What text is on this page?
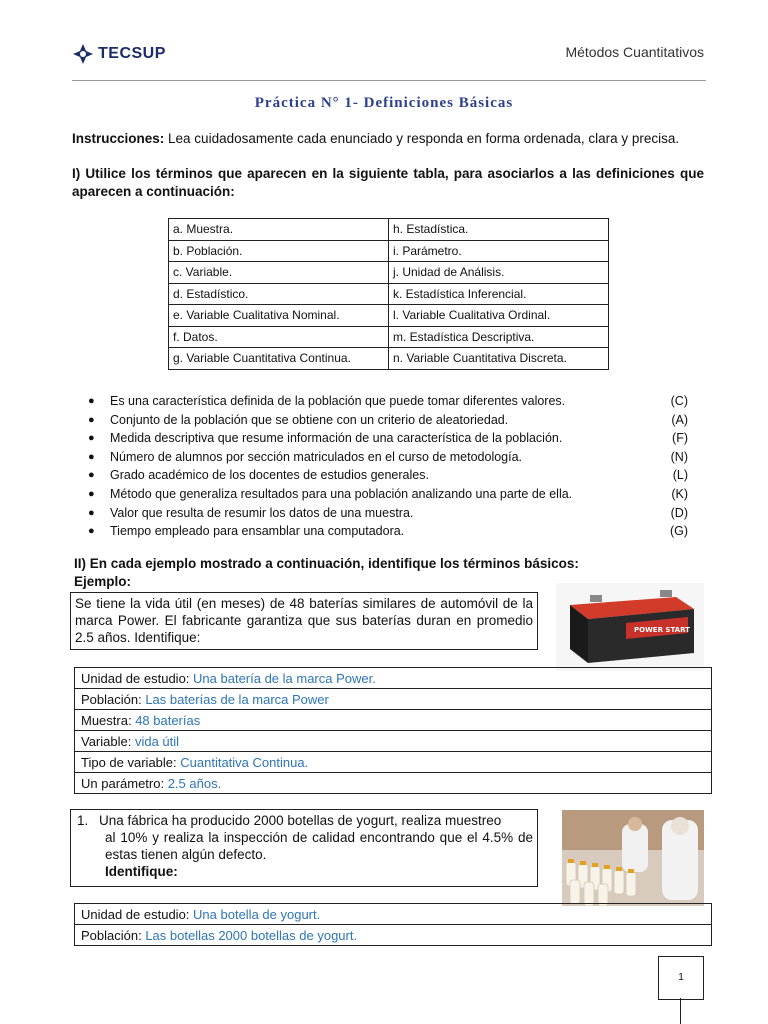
TECSUP	Métodos Cuantitativos
Práctica N° 1- Definiciones Básicas
Instrucciones: Lea cuidadosamente cada enunciado y responda en forma ordenada, clara y precisa.
I) Utilice los términos que aparecen en la siguiente tabla, para asociarlos a las definiciones que aparecen a continuación:
a. Muestra.	h. Estadística.
b. Población.	i. Parámetro.
c. Variable.	j. Unidad de Análisis.
d. Estadístico.	k. Estadística Inferencial.
e. Variable Cualitativa Nominal.	l. Variable Cualitativa Ordinal.
f. Datos.	m. Estadística Descriptiva.
g. Variable Cuantitativa Continua.	n. Variable Cuantitativa Discreta.
● Es una característica definida de la población que puede tomar diferentes valores.	(C)
● Conjunto de la población que se obtiene con un criterio de aleatoriedad.	(A)
● Medida descriptiva que resume información de una característica de la población.	(F)
● Número de alumnos por sección matriculados en el curso de metodología.	(N)
● Grado académico de los docentes de estudios generales.	(L)
● Método que generaliza resultados para una población analizando una parte de ella.	(K)
● Valor que resulta de resumir los datos de una muestra.	(D)
● Tiempo empleado para ensamblar una computadora.	(G)
II) En cada ejemplo mostrado a continuación, identifique los términos básicos:
Ejemplo:
Se tiene la vida útil (en meses) de 48 baterías similares de automóvil de la marca Power. El fabricante garantiza que sus baterías duran en promedio 2.5 años. Identifique:	POWER START
Unidad de estudio: Una batería de la marca Power.
Población: Las baterías de la marca Power
Muestra: 48 baterías
Variable: vida útil
Tipo de variable: Cuantitativa Continua.
Un parámetro: 2.5 años.
1. Una fábrica ha producido 2000 botellas de yogurt, realiza muestreo
al 10% y realiza la inspección de calidad encontrando que el 4.5% de estas tienen algún defecto.
Identifique:
Unidad de estudio: Una botella de yogurt.
Población: Las botellas 2000 botellas de yogurt.
1
